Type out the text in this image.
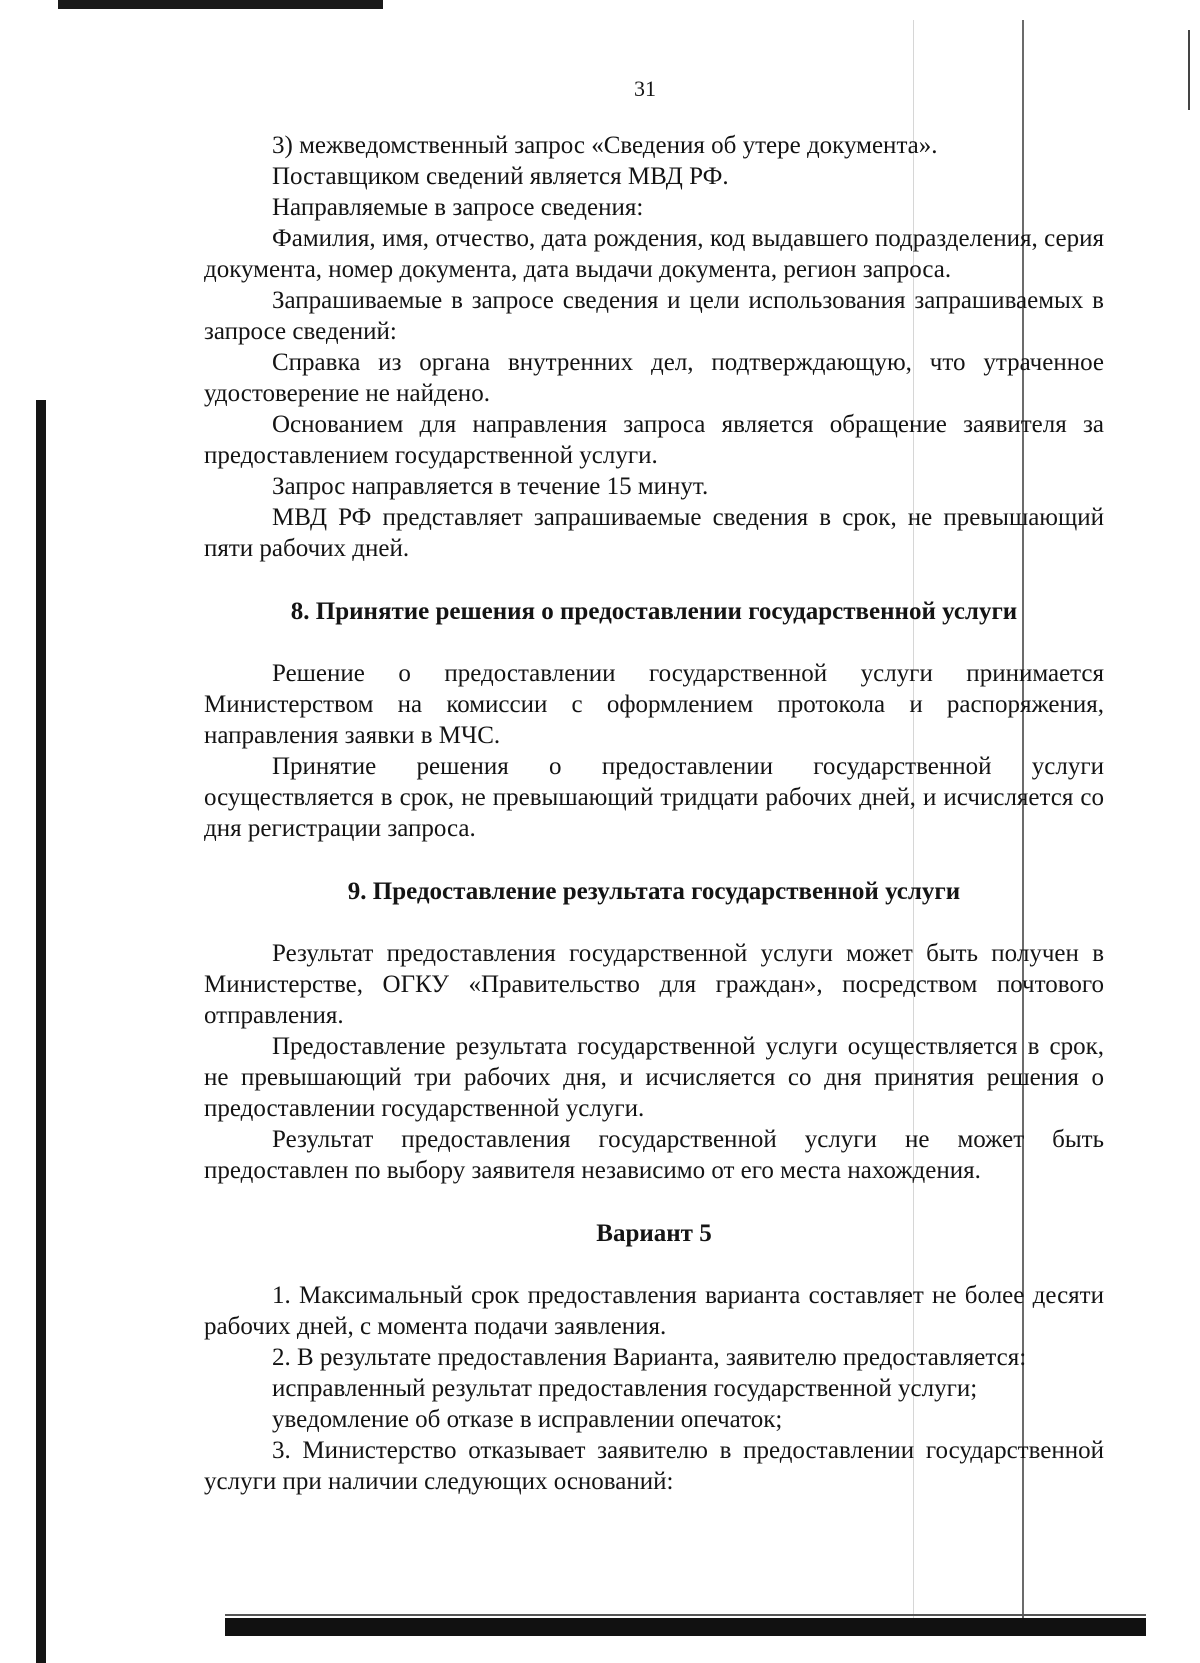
31

3) межведомственный запрос «Сведения об утере документа».

Поставщиком сведений является МВД РФ.

Направляемые в запросе сведения:

Фамилия, имя, отчество, дата рождения, код выдавшего подразделения, серия документа, номер документа, дата выдачи документа, регион запроса.

Запрашиваемые в запросе сведения и цели использования запрашиваемых в запросе сведений:

Справка из органа внутренних дел, подтверждающую, что утраченное удостоверение не найдено.

Основанием для направления запроса является обращение заявителя за предоставлением государственной услуги.

Запрос направляется в течение 15 минут.

МВД РФ представляет запрашиваемые сведения в срок, не превышающий пяти рабочих дней.

8. Принятие решения о предоставлении государственной услуги

Решение о предоставлении государственной услуги принимается Министерством на комиссии с оформлением протокола и распоряжения, направления заявки в МЧС.

Принятие решения о предоставлении государственной услуги осуществляется в срок, не превышающий тридцати рабочих дней, и исчисляется со дня регистрации запроса.

9. Предоставление результата государственной услуги

Результат предоставления государственной услуги может быть получен в Министерстве, ОГКУ «Правительство для граждан», посредством почтового отправления.

Предоставление результата государственной услуги осуществляется в срок, не превышающий три рабочих дня, и исчисляется со дня принятия решения о предоставлении государственной услуги.

Результат предоставления государственной услуги не может быть предоставлен по выбору заявителя независимо от его места нахождения.

Вариант 5

1. Максимальный срок предоставления варианта составляет не более десяти рабочих дней, с момента подачи заявления.

2. В результате предоставления Варианта, заявителю предоставляется:

исправленный результат предоставления государственной услуги;

уведомление об отказе в исправлении опечаток;

3. Министерство отказывает заявителю в предоставлении государственной услуги при наличии следующих оснований:
